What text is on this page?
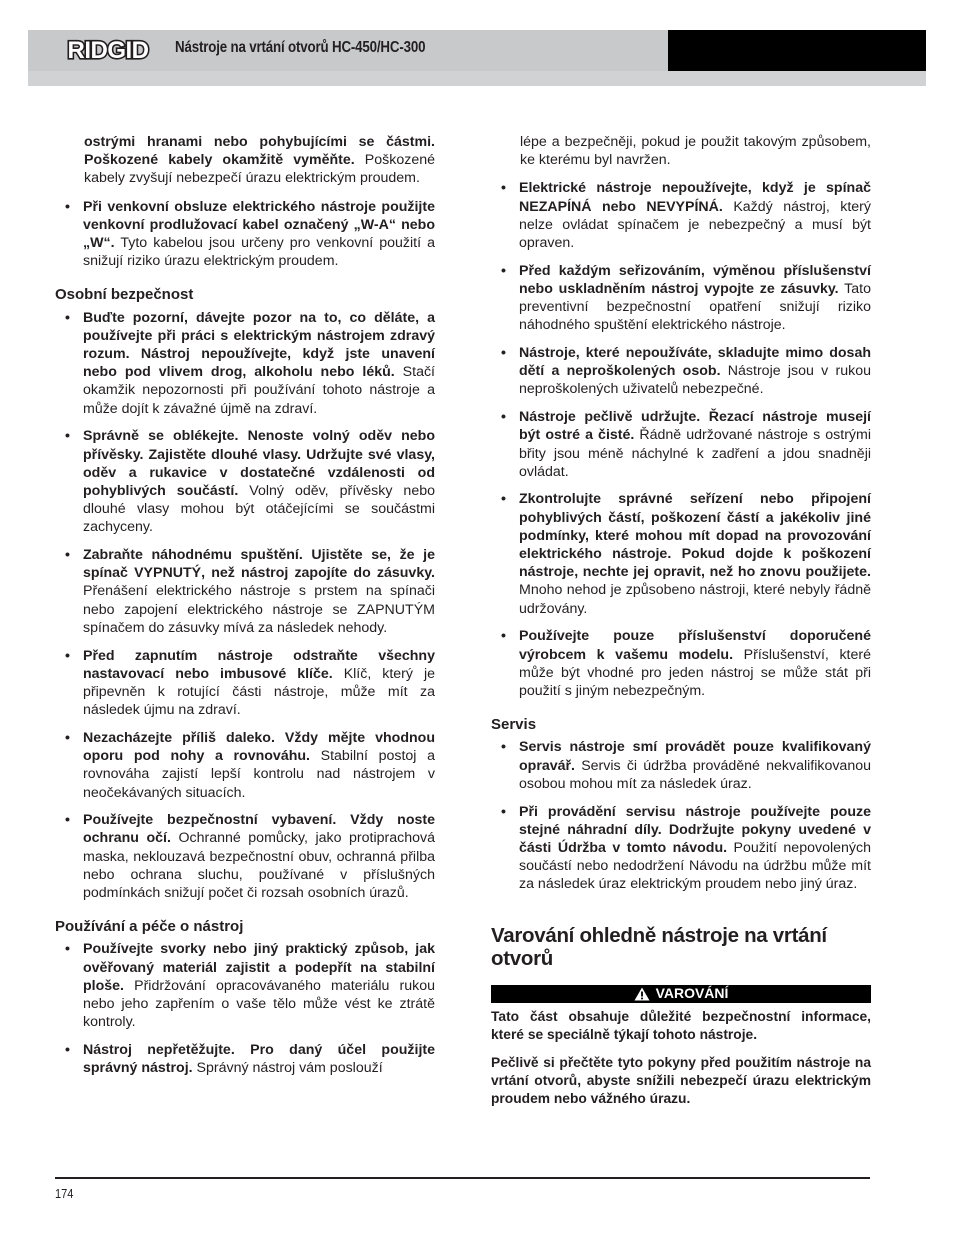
RIDGID Nástroje na vrtání otvorů HC-450/HC-300

ostrými hranami nebo pohybujícími se částmi. Poškozené kabely okamžitě vyměňte. Poškozené kabely zvyšují nebezpečí úrazu elektrickým proudem.

• Při venkovní obsluze elektrického nástroje použijte venkovní prodlužovací kabel označený „W-A“ nebo „W“. Tyto kabelou jsou určeny pro venkovní použití a snižují riziko úrazu elektrickým proudem.
Osobní bezpečnost
• Buďte pozorní, dávejte pozor na to, co děláte, a používejte při práci s elektrickým nástrojem zdravý rozum. Nástroj nepoužívejte, když jste unavení nebo pod vlivem drog, alkoholu nebo léků. Stačí okamžik nepozornosti při používání tohoto nástroje a může dojít k závažné újmě na zdraví.
• Správně se oblékejte. Nenoste volný oděv nebo přívěsky. Zajistěte dlouhé vlasy. Udržujte své vlasy, oděv a rukavice v dostatečné vzdálenosti od pohyblivých součástí. Volný oděv, přívěsky nebo dlouhé vlasy mohou být otáčejícími se součástmi zachyceny.
• Zabraňte náhodnému spuštění. Ujistěte se, že je spínač VYPNUTÝ, než nástroj zapojíte do zásuvky. Přenášení elektrického nástroje s prstem na spínači nebo zapojení elektrického nástroje se ZAPNUTÝM spínačem do zásuvky mívá za následek nehody.
• Před zapnutím nástroje odstraňte všechny nastavovací nebo imbusové klíče. Klíč, který je připevněn k rotující části nástroje, může mít za následek újmu na zdraví.
• Nezacházejte příliš daleko. Vždy mějte vhodnou oporu pod nohy a rovnováhu. Stabilní postoj a rovnováha zajistí lepší kontrolu nad nástrojem v neočekávaných situacích.
• Používejte bezpečnostní vybavení. Vždy noste ochranu očí. Ochranné pomůcky, jako protiprachová maska, neklouzavá bezpečnostní obuv, ochranná přilba nebo ochrana sluchu, používané v příslušných podmínkách snižují počet či rozsah osobních úrazů.
Používání a péče o nástroj
• Používejte svorky nebo jiný praktický způsob, jak ověřovaný materiál zajistit a podepřít na stabilní ploše. Přidržování opracovávaného materiálu rukou nebo jeho zapřením o vaše tělo může vést ke ztrátě kontroly.
• Nástroj nepřetěžujte. Pro daný účel použijte správný nástroj. Správný nástroj vám poslouží

lépe a bezpečněji, pokud je použit takovým způsobem, ke kterému byl navržen.

• Elektrické nástroje nepoužívejte, když je spínač NEZAPÍNÁ nebo NEVYPÍNÁ. Každý nástroj, který nelze ovládat spínačem je nebezpečný a musí být opraven.
• Před každým seřizováním, výměnou příslušenství nebo uskladněním nástroj vypojte ze zásuvky. Tato preventivní bezpečnostní opatření snižují riziko náhodného spuštění elektrického nástroje.
• Nástroje, které nepoužíváte, skladujte mimo dosah dětí a neproškolených osob. Nástroje jsou v rukou neproškolených uživatelů nebezpečné.
• Nástroje pečlivě udržujte. Řezací nástroje musejí být ostré a čisté. Řádně udržované nástroje s ostrými břity jsou méně náchylné k zadření a jdou snadněji ovládat.
• Zkontrolujte správné seřízení nebo připojení pohyblivých částí, poškození částí a jakékoliv jiné podmínky, které mohou mít dopad na provozování elektrického nástroje. Pokud dojde k poškození nástroje, nechte jej opravit, než ho znovu použijete. Mnoho nehod je způsobeno nástroji, které nebyly řádně udržovány.
• Používejte pouze příslušenství doporučené výrobcem k vašemu modelu. Příslušenství, které může být vhodné pro jeden nástroj se může stát při použití s jiným nebezpečným.
Servis
• Servis nástroje smí provádět pouze kvalifikovaný opravář. Servis či údržba prováděné nekvalifikovanou osobou mohou mít za následek úraz.
• Při provádění servisu nástroje používejte pouze stejné náhradní díly. Dodržujte pokyny uvedené v části Údržba v tomto návodu. Použití nepovolených součástí nebo nedodržení Návodu na údržbu může mít za následek úraz elektrickým proudem nebo jiný úraz.
Varování ohledně nástroje na vrtání otvorů
VAROVÁNÍ

Tato část obsahuje důležité bezpečnostní informace, které se speciálně týkají tohoto nástroje.

Pečlivě si přečtěte tyto pokyny před použitím nástroje na vrtání otvorů, abyste snížili nebezpečí úrazu elektrickým proudem nebo vážného úrazu.

174
